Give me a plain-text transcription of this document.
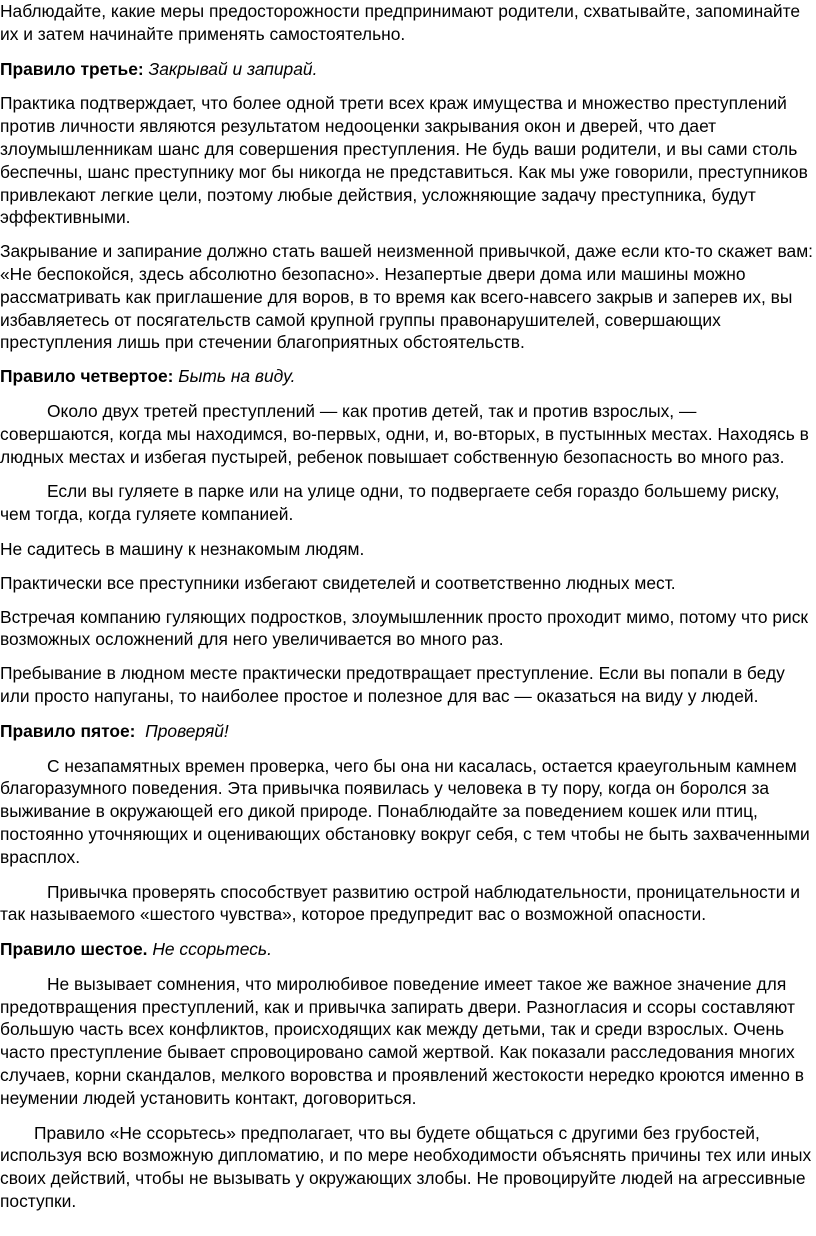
Наблюдайте, какие меры предосторожности предпринимают родители, схватывайте, запоминайте их и затем начинайте применять самостоятельно.

Правило третье: Закрывай и запирай.

Практика подтверждает, что более одной трети всех краж имущества и множество преступлений против личности являются результатом недооценки закрывания окон и дверей, что дает злоумышленникам шанс для совершения преступления. Не будь ваши родители, и вы сами столь беспечны, шанс преступнику мог бы никогда не представиться. Как мы уже говорили, преступников привлекают легкие цели, поэтому любые действия, усложняющие задачу преступника, будут эффективными.

Закрывание и запирание должно стать вашей неизменной привычкой, даже если кто-то скажет вам: «Не беспокойся, здесь абсолютно безопасно». Незапертые двери дома или машины можно рассматривать как приглашение для воров, в то время как всего-навсего закрыв и заперев их, вы избавляетесь от посягательств самой крупной группы правонарушителей, совершающих преступления лишь при стечении благоприятных обстоятельств.

Правило четвертое: Быть на виду.

Около двух третей преступлений — как против детей, так и против взрослых, — совершаются, когда мы находимся, во-первых, одни, и, во-вторых, в пустынных местах. Находясь в людных местах и избегая пустырей, ребенок повышает собственную безопасность во много раз.

Если вы гуляете в парке или на улице одни, то подвергаете себя гораздо большему риску, чем тогда, когда гуляете компанией.

Не садитесь в машину к незнакомым людям.

Практически все преступники избегают свидетелей и соответственно людных мест.

Встречая компанию гуляющих подростков, злоумышленник просто проходит мимо, потому что риск возможных осложнений для него увеличивается во много раз.

Пребывание в людном месте практически предотвращает преступление. Если вы попали в беду или просто напуганы, то наиболее простое и полезное для вас — оказаться на виду у людей.

Правило пятое: Проверяй!

С незапамятных времен проверка, чего бы она ни касалась, остается краеугольным камнем благоразумного поведения. Эта привычка появилась у человека в ту пору, когда он боролся за выживание в окружающей его дикой природе. Понаблюдайте за поведением кошек или птиц, постоянно уточняющих и оценивающих обстановку вокруг себя, с тем чтобы не быть захваченными врасплох.

Привычка проверять способствует развитию острой наблюдательности, проницательности и так называемого «шестого чувства», которое предупредит вас о возможной опасности.

Правило шестое. Не ссорьтесь.

Не вызывает сомнения, что миролюбивое поведение имеет такое же важное значение для предотвращения преступлений, как и привычка запирать двери. Разногласия и ссоры составляют большую часть всех конфликтов, происходящих как между детьми, так и среди взрослых. Очень часто преступление бывает спровоцировано самой жертвой. Как показали расследования многих случаев, корни скандалов, мелкого воровства и проявлений жестокости нередко кроются именно в неумении людей установить контакт, договориться.

Правило «Не ссорьтесь» предполагает, что вы будете общаться с другими без грубостей, используя всю возможную дипломатию, и по мере необходимости объяснять причины тех или иных своих действий, чтобы не вызывать у окружающих злобы. Не провоцируйте людей на агрессивные поступки.
